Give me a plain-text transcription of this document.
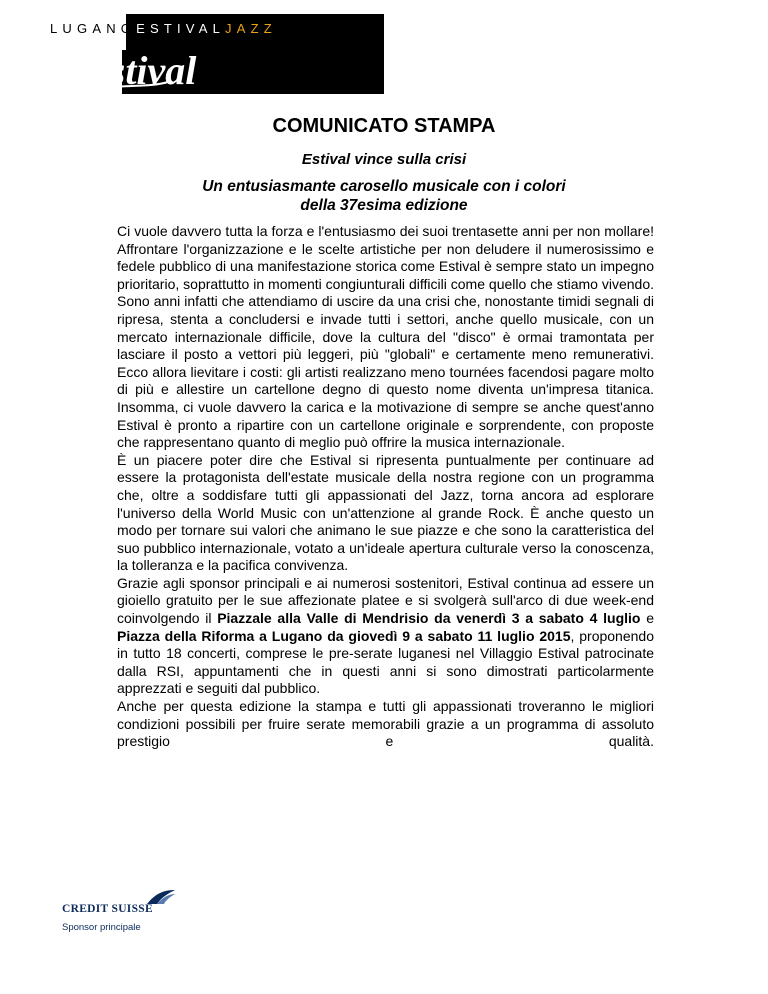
LUGANOESTIVALJAZZ
estival
COMUNICATO STAMPA
Estival vince sulla crisi
Un entusiasmante carosello musicale con i colori
della 37esima edizione

Ci vuole davvero tutta la forza e l'entusiasmo dei suoi trentasette anni per non mollare! Affrontare l'organizzazione e le scelte artistiche per non deludere il numerosissimo e fedele pubblico di una manifestazione storica come Estival è sempre stato un impegno prioritario, soprattutto in momenti congiunturali difficili come quello che stiamo vivendo. Sono anni infatti che attendiamo di uscire da una crisi che, nonostante timidi segnali di ripresa, stenta a concludersi e invade tutti i settori, anche quello musicale, con un mercato internazionale difficile, dove la cultura del "disco" è ormai tramontata per lasciare il posto a vettori più leggeri, più "globali" e certamente meno remunerativi. Ecco allora lievitare i costi: gli artisti realizzano meno tournées facendosi pagare molto di più e allestire un cartellone degno di questo nome diventa un'impresa titanica. Insomma, ci vuole davvero la carica e la motivazione di sempre se anche quest'anno Estival è pronto a ripartire con un cartellone originale e sorprendente, con proposte che rappresentano quanto di meglio può offrire la musica internazionale.

È un piacere poter dire che Estival si ripresenta puntualmente per continuare ad essere la protagonista dell'estate musicale della nostra regione con un programma che, oltre a soddisfare tutti gli appassionati del Jazz, torna ancora ad esplorare l'universo della World Music con un'attenzione al grande Rock. È anche questo un modo per tornare sui valori che animano le sue piazze e che sono la caratteristica del suo pubblico internazionale, votato a un'ideale apertura culturale verso la conoscenza, la tolleranza e la pacifica convivenza.

Grazie agli sponsor principali e ai numerosi sostenitori, Estival continua ad essere un gioiello gratuito per le sue affezionate platee e si svolgerà sull'arco di due week-end coinvolgendo il Piazzale alla Valle di Mendrisio da venerdì 3 a sabato 4 luglio e Piazza della Riforma a Lugano da giovedì 9 a sabato 11 luglio 2015, proponendo in tutto 18 concerti, comprese le pre-serate luganesi nel Villaggio Estival patrocinate dalla RSI, appuntamenti che in questi anni si sono dimostrati particolarmente apprezzati e seguiti dal pubblico.

Anche per questa edizione la stampa e tutti gli appassionati troveranno le migliori condizioni possibili per fruire serate memorabili grazie a un programma di assoluto prestigio e qualità.

CREDIT SUISSE
Sponsor principale
